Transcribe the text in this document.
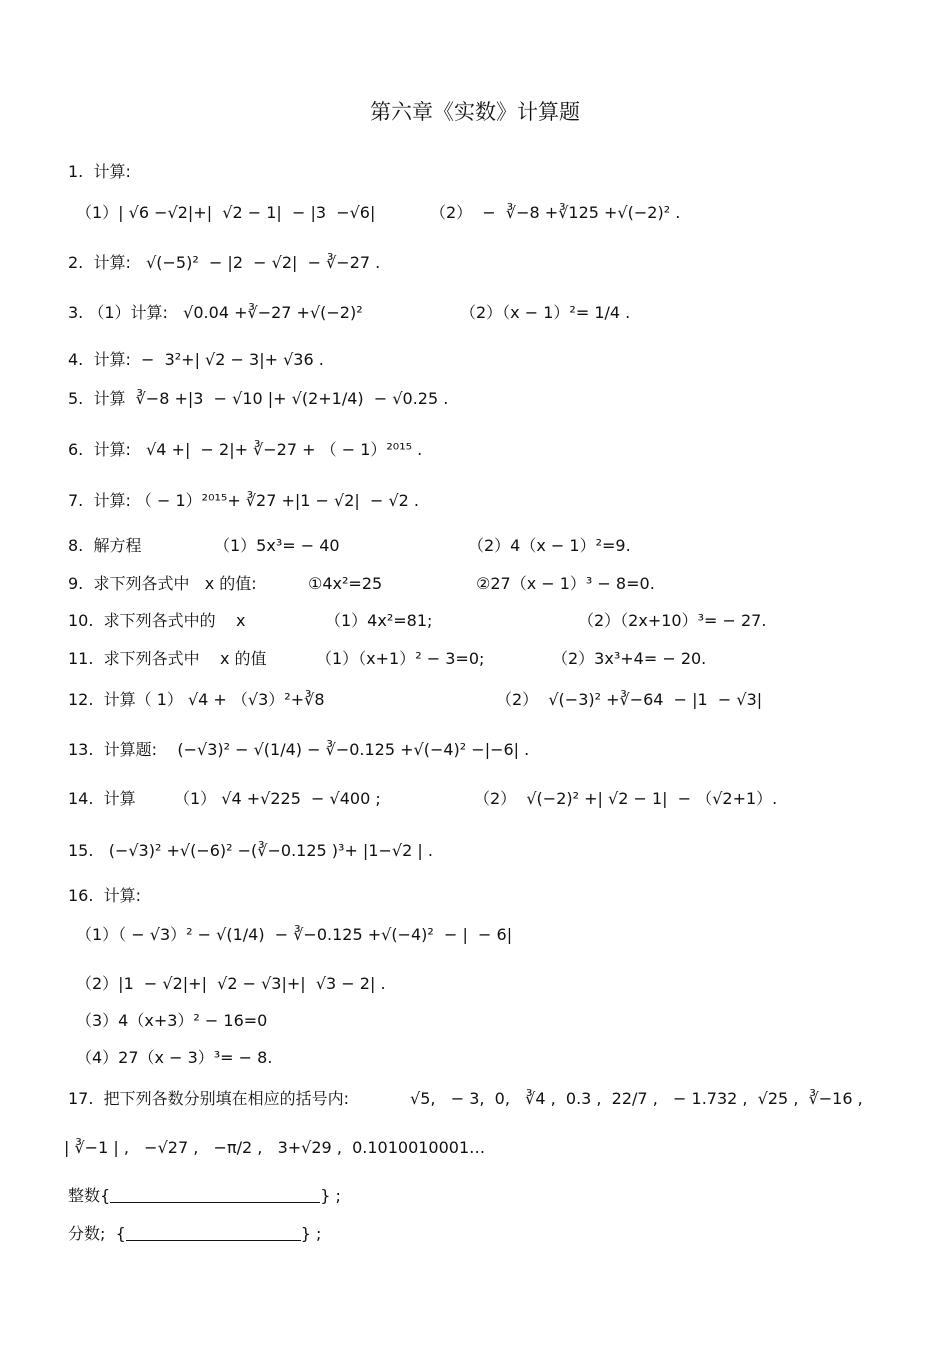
第六章《实数》计算题
1.  计算:
（1）| √6 −√2|+|  √2 − 1|  − |3  −√6|	（2）  −  ∛−8 +∛125 +√(−2)² .
2.  计算:   √(−5)²  − |2  − √2|  − ∛−27 .
3. （1）计算:   √0.04 +∛−27 +√(−2)²	（2）（x − 1）²= 1/4 .
4.  计算:  −  3²+| √2 − 3|+ √36 .
5.  计算  ∛−8 +|3  − √10 |+ √(2+1/4)  − √0.25 .
6.  计算:   √4 +|  − 2|+ ∛−27 + （ − 1）²⁰¹⁵ .
7.  计算: （ − 1）²⁰¹⁵+ ∛27 +|1 − √2|  − √2 .
8.  解方程	（1）5x³= − 40	（2）4（x − 1）²=9.
9.  求下列各式中   x 的值:	①4x²=25	②27（x − 1）³ − 8=0.
10.  求下列各式中的    x	（1）4x²=81;	（2）（2x+10）³= − 27.
11.  求下列各式中    x 的值	（1）（x+1）² − 3=0;	（2）3x³+4= − 20.
12.  计算（ 1） √4 + （√3）²+∛8	（2）  √(−3)² +∛−64  − |1  − √3|
13.  计算题:    (−√3)² − √(1/4) − ∛−0.125 +√(−4)² −|−6| .
14.  计算 （1） √4 +√225  − √400 ;	（2）  √(−2)² +| √2 − 1|  − （√2+1）.
15.   (−√3)² +√(−6)² −(∛−0.125 )³+ |1−√2 | .
16.  计算:
（1）（ − √3）² − √(1/4)  − ∛−0.125 +√(−4)²  − |  − 6|
（2）|1  − √2|+|  √2 − √3|+|  √3 − 2| .
（3）4（x+3）² − 16=0
（4）27（x − 3）³= − 8.
17.  把下列各数分别填在相应的括号内:	√5,   − 3,  0,   ∛4 ,  0.3 ,  22/7 ,   − 1.732 ,  √25 ,  ∛−16 ,
| ∛−1 | ,   −√27 ,   −π/2 ,   3+√29 ,  0.1010010001…
整数{	} ;
分数;  {	} ;
